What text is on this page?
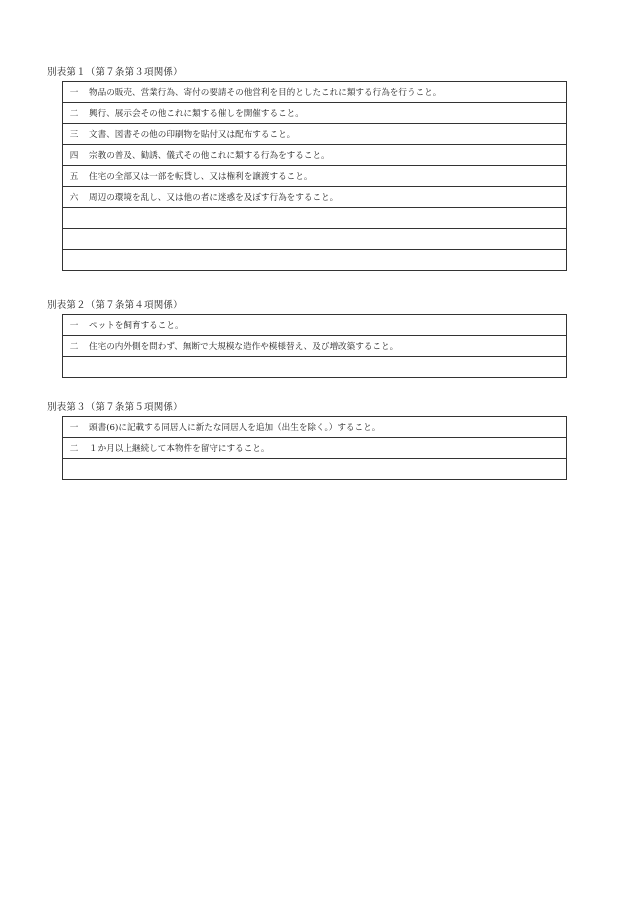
別表第１（第７条第３項関係）
一 物品の販売、営業行為、寄付の要請その他営利を目的としたこれに類する行為を行うこと。
二 興行、展示会その他これに類する催しを開催すること。
三 文書、図書その他の印刷物を貼付又は配布すること。
四 宗教の普及、勧誘、儀式その他これに類する行為をすること。
五 住宅の全部又は一部を転貸し、又は権利を譲渡すること。
六 周辺の環境を乱し、又は他の者に迷惑を及ぼす行為をすること。
別表第２（第７条第４項関係）
一 ペットを飼育すること。
二 住宅の内外側を問わず、無断で大規模な造作や模様替え、及び増改築すること。
別表第３（第７条第５項関係）
一 頭書(6)に記載する同居人に新たな同居人を追加（出生を除く。）すること。
二 １か月以上継続して本物件を留守にすること。
